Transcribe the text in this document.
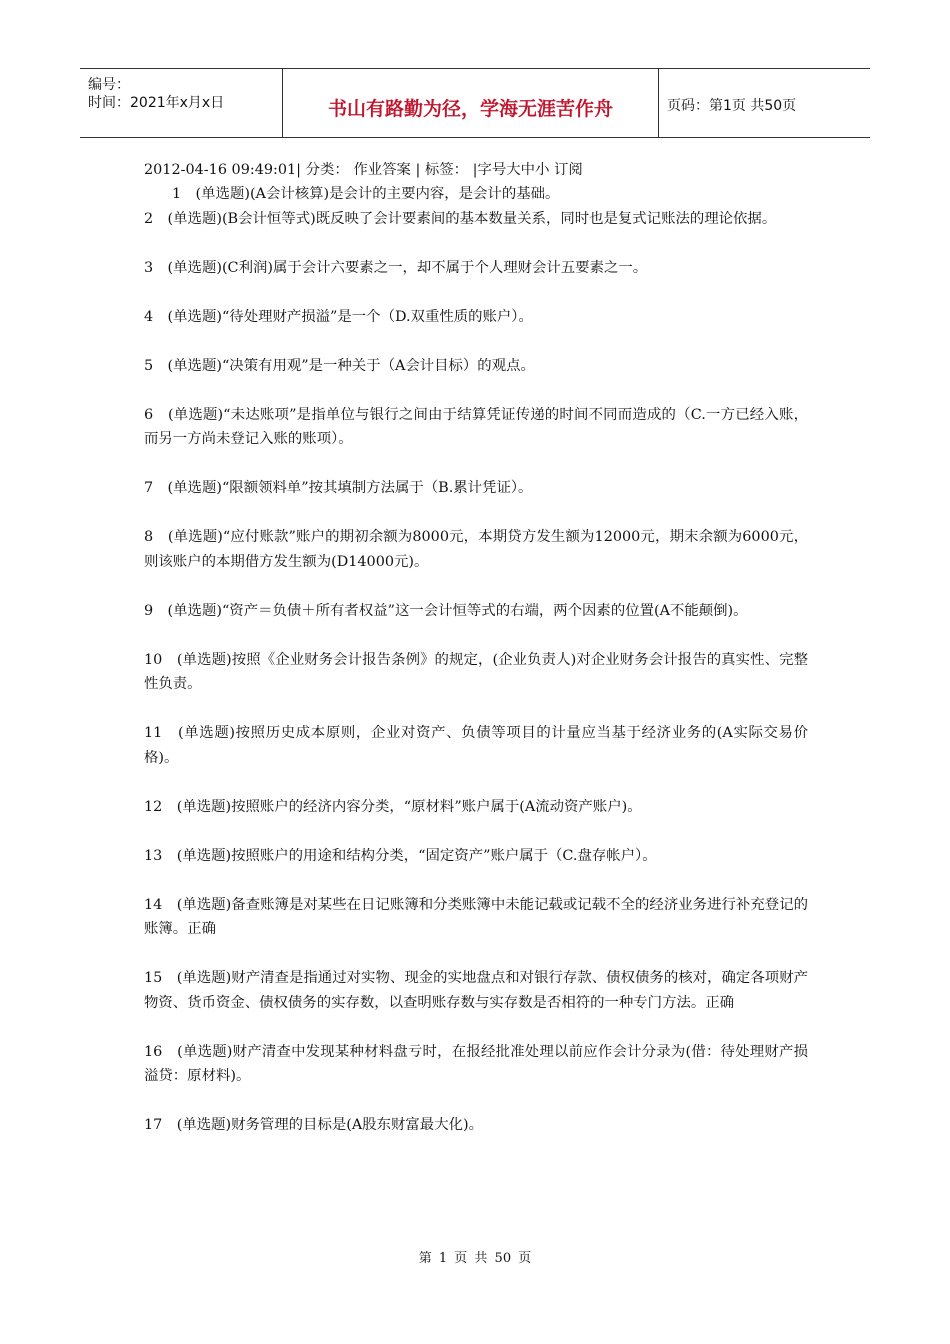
编号：
时间：2021年x月x日	书山有路勤为径，学海无涯苦作舟	页码：第1页 共50页
2012-04-16 09:49:01| 分类： 作业答案 | 标签： |字号大中小 订阅

1　(单选题)(A会计核算)是会计的主要内容，是会计的基础。

2　(单选题)(B会计恒等式)既反映了会计要素间的基本数量关系，同时也是复式记账法的理论依据。

3　(单选题)(C利润)属于会计六要素之一，却不属于个人理财会计五要素之一。

4　(单选题)“待处理财产损溢”是一个（D.双重性质的账户）。

5　(单选题)“决策有用观”是一种关于（A会计目标）的观点。

6　(单选题)“未达账项”是指单位与银行之间由于结算凭证传递的时间不同而造成的（C.一方已经入账，而另一方尚未登记入账的账项）。

7　(单选题)“限额领料单”按其填制方法属于（B.累计凭证）。

8　(单选题)“应付账款”账户的期初余额为8000元，本期贷方发生额为12000元，期末余额为6000元，则该账户的本期借方发生额为(D14000元)。

9　(单选题)“资产＝负债＋所有者权益”这一会计恒等式的右端，两个因素的位置(A不能颠倒)。

10　(单选题)按照《企业财务会计报告条例》的规定，(企业负责人)对企业财务会计报告的真实性、完整性负责。

11　(单选题)按照历史成本原则，企业对资产、负债等项目的计量应当基于经济业务的(A实际交易价格)。

12　(单选题)按照账户的经济内容分类，“原材料”账户属于(A流动资产账户)。

13　(单选题)按照账户的用途和结构分类，“固定资产”账户属于（C.盘存帐户）。

14　(单选题)备查账簿是对某些在日记账簿和分类账簿中未能记载或记载不全的经济业务进行补充登记的账簿。正确

15　(单选题)财产清查是指通过对实物、现金的实地盘点和对银行存款、债权债务的核对，确定各项财产物资、货币资金、债权债务的实存数，以查明账存数与实存数是否相符的一种专门方法。正确

16　(单选题)财产清查中发现某种材料盘亏时，在报经批准处理以前应作会计分录为(借：待处理财产损溢贷：原材料)。

17　(单选题)财务管理的目标是(A股东财富最大化)。

第 1 页 共 50 页
